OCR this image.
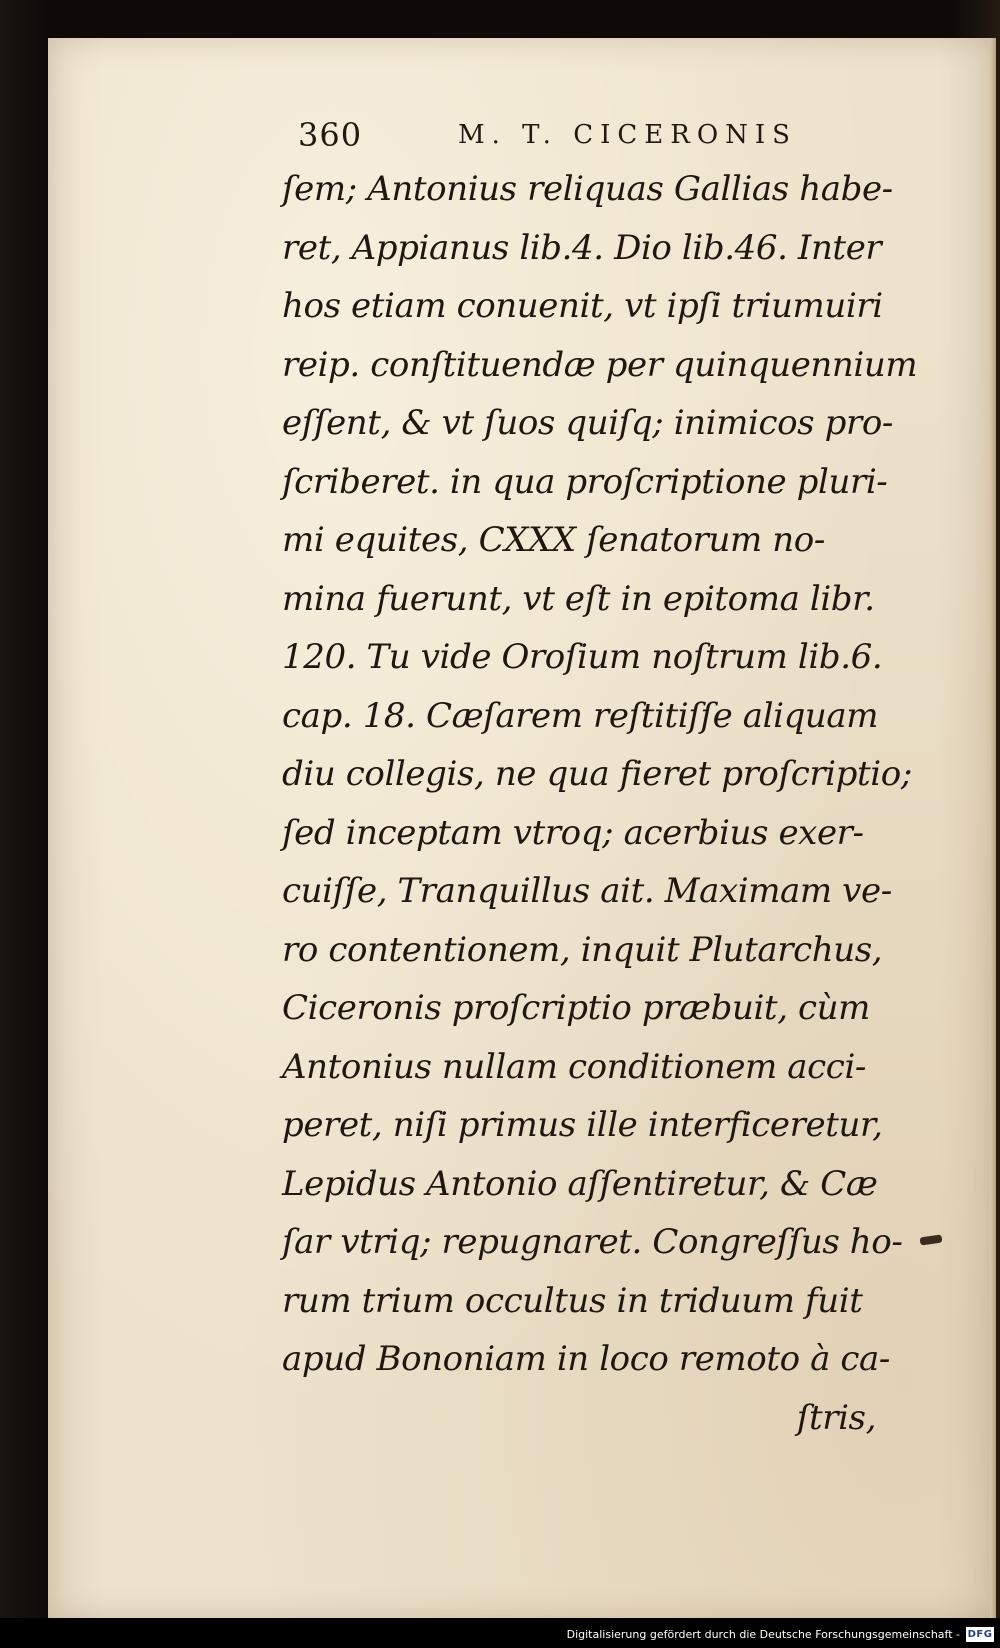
360	M. T. CICERONIS
ſem; Antonius reliquas Gallias habe-
ret, Appianus lib.4. Dio lib.46. Inter
hos etiam conuenit, vt ipſi triumuiri
reip. conſtituendæ per quinquennium
eſſent, & vt ſuos quiſq; inimicos pro-
ſcriberet. in qua proſcriptione pluri-
mi equites, CXXX ſenatorum no-
mina fuerunt, vt eſt in epitoma libr.
120. Tu vide Oroſium noſtrum lib.6.
cap. 18. Cæſarem reſtitiſſe aliquam
diu collegis, ne qua fieret proſcriptio;
ſed inceptam vtroq; acerbius exer-
cuiſſe, Tranquillus ait. Maximam ve-
ro contentionem, inquit Plutarchus,
Ciceronis proſcriptio præbuit, cùm
Antonius nullam conditionem acci-
peret, niſi primus ille interficeretur,
Lepidus Antonio aſſentiretur, & Cæ
ſar vtriq; repugnaret. Congreſſus ho-
rum trium occultus in triduum fuit
apud Bononiam in loco remoto à ca-
ſtris,
Digitalisierung gefördert durch die Deutsche Forschungsgemeinschaft - DFG
